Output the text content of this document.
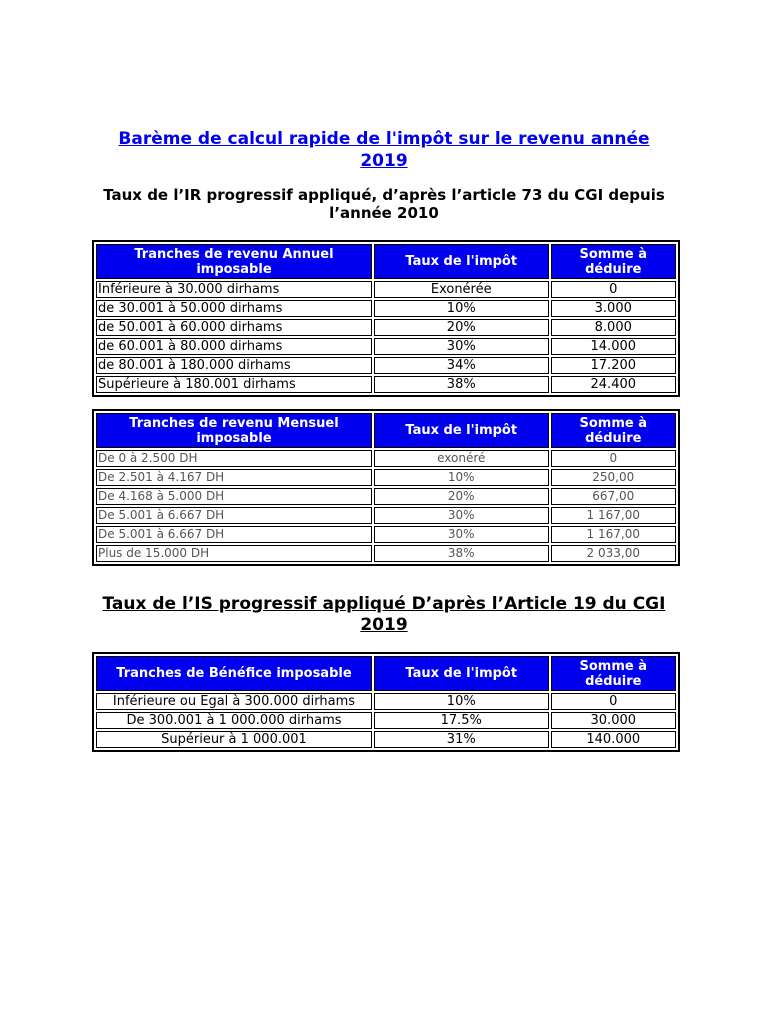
Barème de calcul rapide de l'impôt sur le revenu année 2019
Taux de l’IR progressif appliqué, d’après l’article 73 du CGI depuis l’année 2010
Tranches de revenu Annuel imposable	Taux de l'impôt	Somme à déduire
Inférieure à 30.000 dirhams	Exonérée	0
de 30.001 à 50.000 dirhams	10%	3.000
de 50.001 à 60.000 dirhams	20%	8.000
de 60.001 à 80.000 dirhams	30%	14.000
de 80.001 à 180.000 dirhams	34%	17.200
Supérieure à 180.001 dirhams	38%	24.400
Tranches de revenu Mensuel imposable	Taux de l'impôt	Somme à déduire
De 0 à 2.500 DH	exonéré	0
De 2.501 à 4.167 DH	10%	250,00
De 4.168 à 5.000 DH	20%	667,00
De 5.001 à 6.667 DH	30%	1 167,00
De 5.001 à 6.667 DH	30%	1 167,00
Plus de 15.000 DH	38%	2 033,00
Taux de l’IS progressif appliqué D’après l’Article 19 du CGI 2019
Tranches de Bénéfice imposable	Taux de l'impôt	Somme à déduire
Inférieure ou Egal à 300.000 dirhams	10%	0
De 300.001 à 1 000.000 dirhams	17.5%	30.000
Supérieur à 1 000.001	31%	140.000
